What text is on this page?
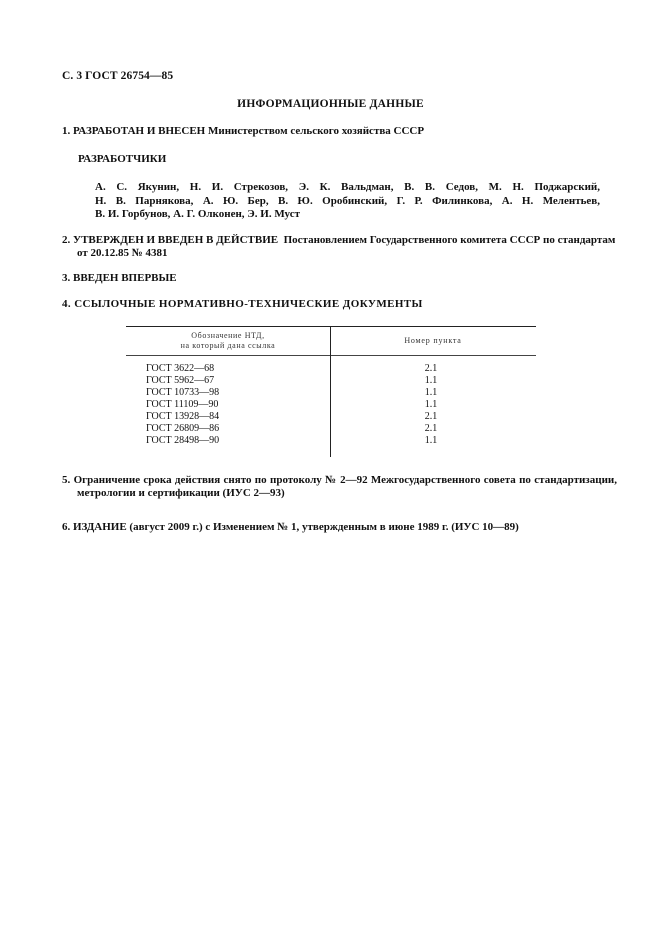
С. 3 ГОСТ 26754—85
ИНФОРМАЦИОННЫЕ ДАННЫЕ
1. РАЗРАБОТАН И ВНЕСЕН Министерством сельского хозяйства СССР
РАЗРАБОТЧИКИ
А. С. Якунин, Н. И. Стрекозов, Э. К. Вальдман, В. В. Седов, М. Н. Поджарский,
Н. В. Парнякова, А. Ю. Бер, В. Ю. Оробинский, Г. Р. Филинкова, А. Н. Мелентьев,
В. И. Горбунов, А. Г. Олконен, Э. И. Муст
2. УТВЕРЖДЕН И ВВЕДЕН В ДЕЙСТВИЕ Постановлением Государственного комитета СССР по стандартам от 20.12.85 № 4381
3. ВВЕДЕН ВПЕРВЫЕ
4. ССЫЛОЧНЫЕ НОРМАТИВНО-ТЕХНИЧЕСКИЕ ДОКУМЕНТЫ
Обозначение НТД,
на который дана ссылка
Номер пункта
ГОСТ 3622—68
ГОСТ 5962—67
ГОСТ 10733—98
ГОСТ 11109—90
ГОСТ 13928—84
ГОСТ 26809—86
ГОСТ 28498—90
2.1
1.1
1.1
1.1
2.1
2.1
1.1
5. Ограничение срока действия снято по протоколу № 2—92 Межгосударственного совета по стандартизации, метрологии и сертификации (ИУС 2—93)
6. ИЗДАНИЕ (август 2009 г.) с Изменением № 1, утвержденным в июне 1989 г. (ИУС 10—89)
